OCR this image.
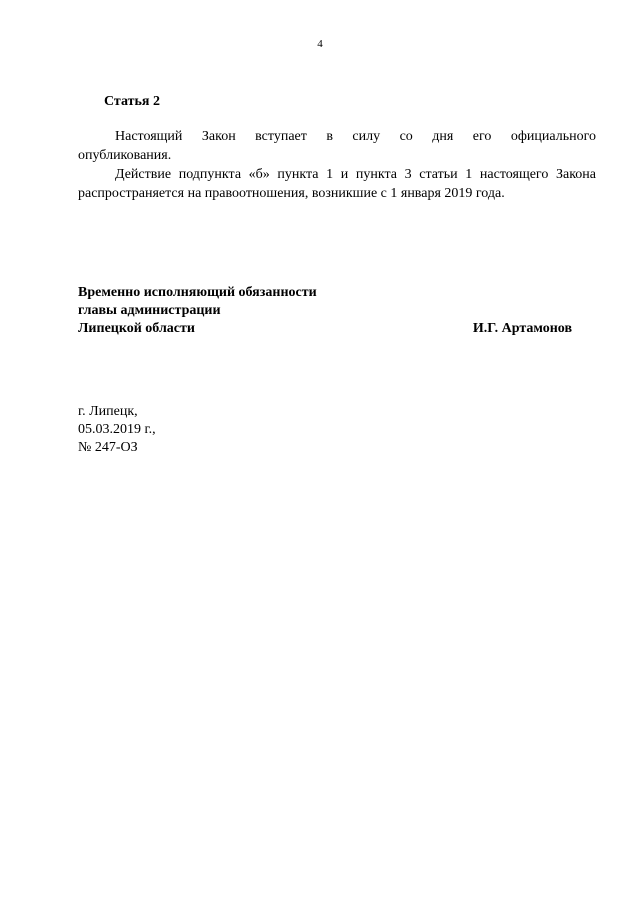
4
Статья 2

Настоящий Закон вступает в силу со дня его официального
опубликования.

Действие подпункта «б» пункта 1 и пункта 3 статьи 1 настоящего Закона распространяется на правоотношения, возникшие с 1 января 2019 года.

Временно исполняющий обязанности
главы администрации
Липецкой области	И.Г. Артамонов
г. Липецк,
05.03.2019 г.,
№ 247-ОЗ
